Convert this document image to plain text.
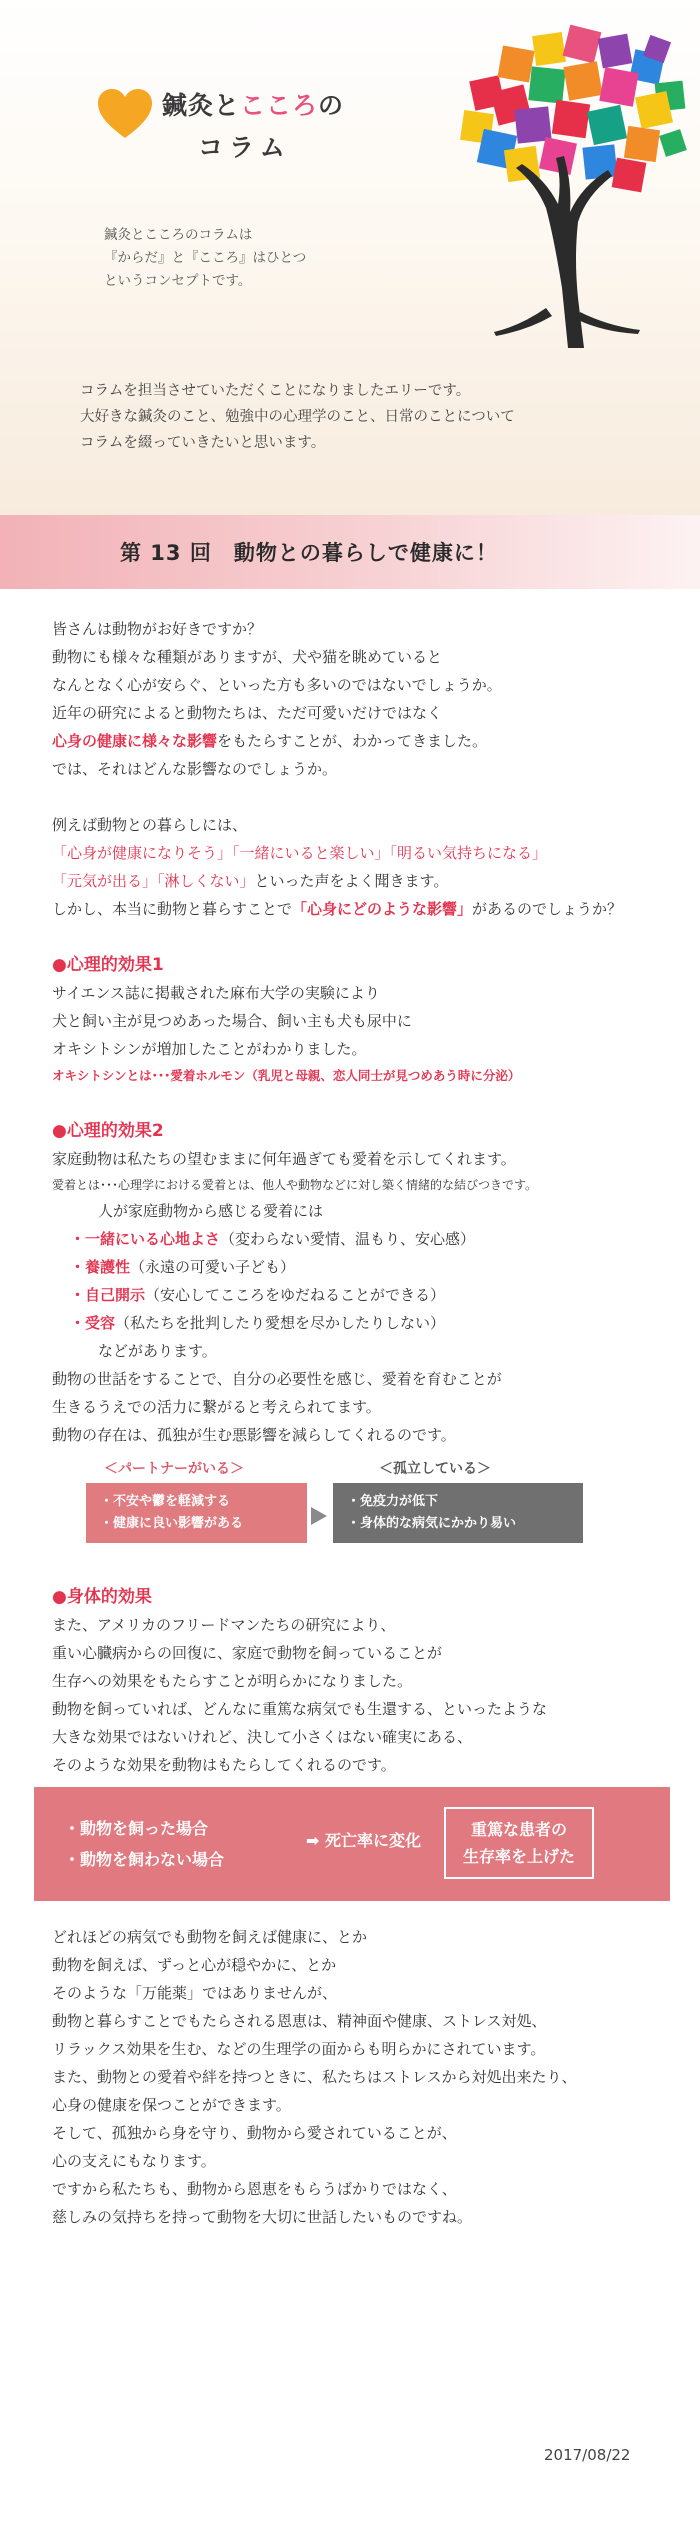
鍼灸とこころの
コラム
鍼灸とこころのコラムは
『からだ』と『こころ』はひとつ
というコンセプトです。
コラムを担当させていただくことになりましたエリーです。
大好きな鍼灸のこと、勉強中の心理学のこと、日常のことについて
コラムを綴っていきたいと思います。
第 13 回　動物との暮らしで健康に！
皆さんは動物がお好きですか？
動物にも様々な種類がありますが、犬や猫を眺めていると
なんとなく心が安らぐ、といった方も多いのではないでしょうか。
近年の研究によると動物たちは、ただ可愛いだけではなく
心身の健康に様々な影響をもたらすことが、わかってきました。
では、それはどんな影響なのでしょうか。
例えば動物との暮らしには、
「心身が健康になりそう」「一緒にいると楽しい」「明るい気持ちになる」
「元気が出る」「淋しくない」といった声をよく聞きます。
しかし、本当に動物と暮らすことで「心身にどのような影響」があるのでしょうか？
●心理的効果1
サイエンス誌に掲載された麻布大学の実験により
犬と飼い主が見つめあった場合、飼い主も犬も尿中に
オキシトシンが増加したことがわかりました。
オキシトシンとは･･･愛着ホルモン（乳児と母親、恋人同士が見つめあう時に分泌）
●心理的効果2
家庭動物は私たちの望むままに何年過ぎても愛着を示してくれます。
愛着とは･･･心理学における愛着とは、他人や動物などに対し築く情緒的な結びつきです。
人が家庭動物から感じる愛着には
・一緒にいる心地よさ（変わらない愛情、温もり、安心感）
・養護性（永遠の可愛い子ども）
・自己開示（安心してこころをゆだねることができる）
・受容（私たちを批判したり愛想を尽かしたりしない）
などがあります。
動物の世話をすることで、自分の必要性を感じ、愛着を育むことが
生きるうえでの活力に繋がると考えられてます。
動物の存在は、孤独が生む悪影響を減らしてくれるのです。
＜パートナーがいる＞	＜孤立している＞
・不安や鬱を軽減する
・健康に良い影響がある
・免疫力が低下
・身体的な病気にかかり易い
●身体的効果
また、アメリカのフリードマンたちの研究により、
重い心臓病からの回復に、家庭で動物を飼っていることが
生存への効果をもたらすことが明らかになりました。
動物を飼っていれば、どんなに重篤な病気でも生還する、といったような
大きな効果ではないけれど、決して小さくはない確実にある、
そのような効果を動物はもたらしてくれるのです。
・動物を飼った場合
・動物を飼わない場合
➡ 死亡率に変化
重篤な患者の
生存率を上げた
どれほどの病気でも動物を飼えば健康に、とか
動物を飼えば、ずっと心が穏やかに、とか
そのような「万能薬」ではありませんが、
動物と暮らすことでもたらされる恩恵は、精神面や健康、ストレス対処、
リラックス効果を生む、などの生理学の面からも明らかにされています。
また、動物との愛着や絆を持つときに、私たちはストレスから対処出来たり、
心身の健康を保つことができます。
そして、孤独から身を守り、動物から愛されていることが、
心の支えにもなります。
ですから私たちも、動物から恩恵をもらうばかりではなく、
慈しみの気持ちを持って動物を大切に世話したいものですね。
2017/08/22
